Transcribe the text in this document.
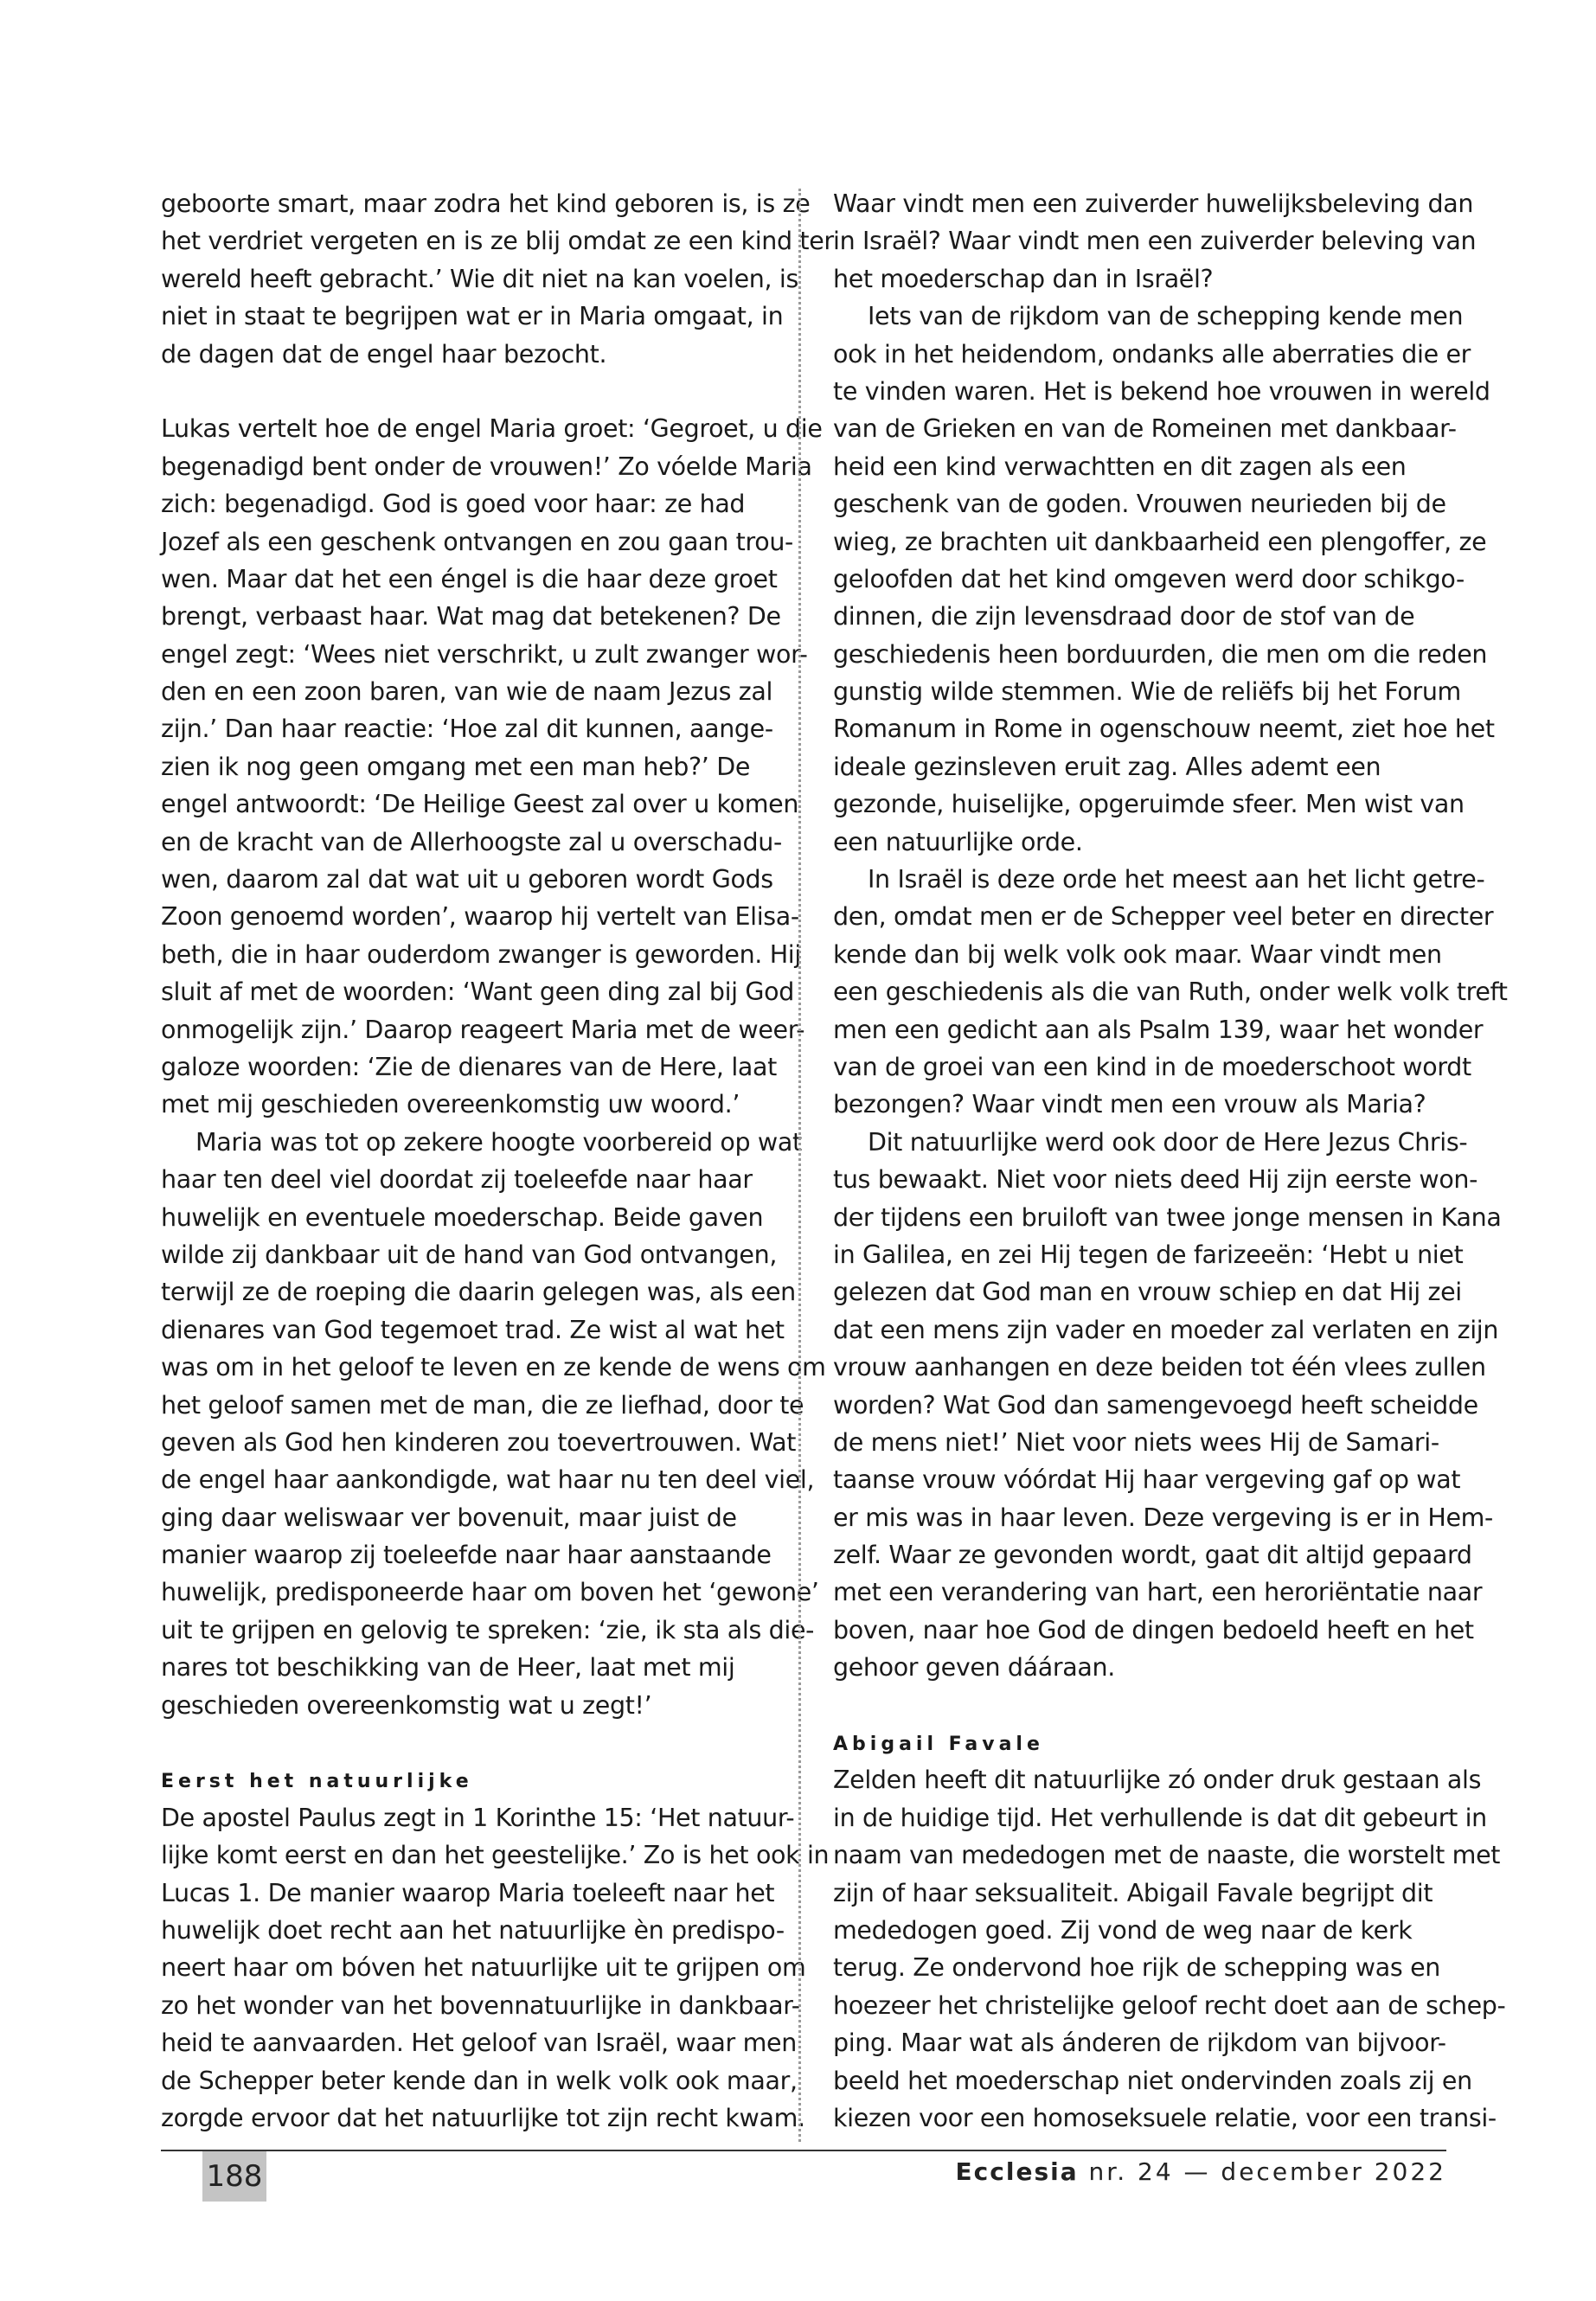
geboorte smart, maar zodra het kind geboren is, is ze
het verdriet vergeten en is ze blij omdat ze een kind ter
wereld heeft gebracht.’ Wie dit niet na kan voelen, is
niet in staat te begrijpen wat er in Maria omgaat, in
de dagen dat de engel haar bezocht.
Lukas vertelt hoe de engel Maria groet: ‘Gegroet, u die
begenadigd bent onder de vrouwen!’ Zo vóelde Maria
zich: begenadigd. God is goed voor haar: ze had
Jozef als een geschenk ontvangen en zou gaan trou-
wen. Maar dat het een éngel is die haar deze groet
brengt, verbaast haar. Wat mag dat betekenen? De
engel zegt: ‘Wees niet verschrikt, u zult zwanger wor-
den en een zoon baren, van wie de naam Jezus zal
zijn.’ Dan haar reactie: ‘Hoe zal dit kunnen, aange-
zien ik nog geen omgang met een man heb?’ De
engel antwoordt: ‘De Heilige Geest zal over u komen
en de kracht van de Allerhoogste zal u overschadu-
wen, daarom zal dat wat uit u geboren wordt Gods
Zoon genoemd worden’, waarop hij vertelt van Elisa-
beth, die in haar ouderdom zwanger is geworden. Hij
sluit af met de woorden: ‘Want geen ding zal bij God
onmogelijk zijn.’ Daarop reageert Maria met de weer-
galoze woorden: ‘Zie de dienares van de Here, laat
met mij geschieden overeenkomstig uw woord.’
Maria was tot op zekere hoogte voorbereid op wat
haar ten deel viel doordat zij toeleefde naar haar
huwelijk en eventuele moederschap. Beide gaven
wilde zij dankbaar uit de hand van God ontvangen,
terwijl ze de roeping die daarin gelegen was, als een
dienares van God tegemoet trad. Ze wist al wat het
was om in het geloof te leven en ze kende de wens om
het geloof samen met de man, die ze liefhad, door te
geven als God hen kinderen zou toevertrouwen. Wat
de engel haar aankondigde, wat haar nu ten deel viel,
ging daar weliswaar ver bovenuit, maar juist de
manier waarop zij toeleefde naar haar aanstaande
huwelijk, predisponeerde haar om boven het ‘gewone’
uit te grijpen en gelovig te spreken: ‘zie, ik sta als die-
nares tot beschikking van de Heer, laat met mij
geschieden overeenkomstig wat u zegt!’
Eerst het natuurlijke
De apostel Paulus zegt in 1 Korinthe 15: ‘Het natuur-
lijke komt eerst en dan het geestelijke.’ Zo is het ook in
Lucas 1. De manier waarop Maria toeleeft naar het
huwelijk doet recht aan het natuurlijke èn predispo-
neert haar om bóven het natuurlijke uit te grijpen om
zo het wonder van het bovennatuurlijke in dankbaar-
heid te aanvaarden. Het geloof van Israël, waar men
de Schepper beter kende dan in welk volk ook maar,
zorgde ervoor dat het natuurlijke tot zijn recht kwam.
Waar vindt men een zuiverder huwelijksbeleving dan
in Israël? Waar vindt men een zuiverder beleving van
het moederschap dan in Israël?
Iets van de rijkdom van de schepping kende men
ook in het heidendom, ondanks alle aberraties die er
te vinden waren. Het is bekend hoe vrouwen in wereld
van de Grieken en van de Romeinen met dankbaar-
heid een kind verwachtten en dit zagen als een
geschenk van de goden. Vrouwen neurieden bij de
wieg, ze brachten uit dankbaarheid een plengoffer, ze
geloofden dat het kind omgeven werd door schikgo-
dinnen, die zijn levensdraad door de stof van de
geschiedenis heen borduurden, die men om die reden
gunstig wilde stemmen. Wie de reliëfs bij het Forum
Romanum in Rome in ogenschouw neemt, ziet hoe het
ideale gezinsleven eruit zag. Alles ademt een
gezonde, huiselijke, opgeruimde sfeer. Men wist van
een natuurlijke orde.
In Israël is deze orde het meest aan het licht getre-
den, omdat men er de Schepper veel beter en directer
kende dan bij welk volk ook maar. Waar vindt men
een geschiedenis als die van Ruth, onder welk volk treft
men een gedicht aan als Psalm 139, waar het wonder
van de groei van een kind in de moederschoot wordt
bezongen? Waar vindt men een vrouw als Maria?
Dit natuurlijke werd ook door de Here Jezus Chris-
tus bewaakt. Niet voor niets deed Hij zijn eerste won-
der tijdens een bruiloft van twee jonge mensen in Kana
in Galilea, en zei Hij tegen de farizeeën: ‘Hebt u niet
gelezen dat God man en vrouw schiep en dat Hij zei
dat een mens zijn vader en moeder zal verlaten en zijn
vrouw aanhangen en deze beiden tot één vlees zullen
worden? Wat God dan samengevoegd heeft scheidde
de mens niet!’ Niet voor niets wees Hij de Samari-
taanse vrouw vóórdat Hij haar vergeving gaf op wat
er mis was in haar leven. Deze vergeving is er in Hem-
zelf. Waar ze gevonden wordt, gaat dit altijd gepaard
met een verandering van hart, een heroriëntatie naar
boven, naar hoe God de dingen bedoeld heeft en het
gehoor geven dááraan.
Abigail Favale
Zelden heeft dit natuurlijke zó onder druk gestaan als
in de huidige tijd. Het verhullende is dat dit gebeurt in
naam van mededogen met de naaste, die worstelt met
zijn of haar seksualiteit. Abigail Favale begrijpt dit
mededogen goed. Zij vond de weg naar de kerk
terug. Ze ondervond hoe rijk de schepping was en
hoezeer het christelijke geloof recht doet aan de schep-
ping. Maar wat als ánderen de rijkdom van bijvoor-
beeld het moederschap niet ondervinden zoals zij en
kiezen voor een homoseksuele relatie, voor een transi-
188	Ecclesia nr. 24 — december 2022
